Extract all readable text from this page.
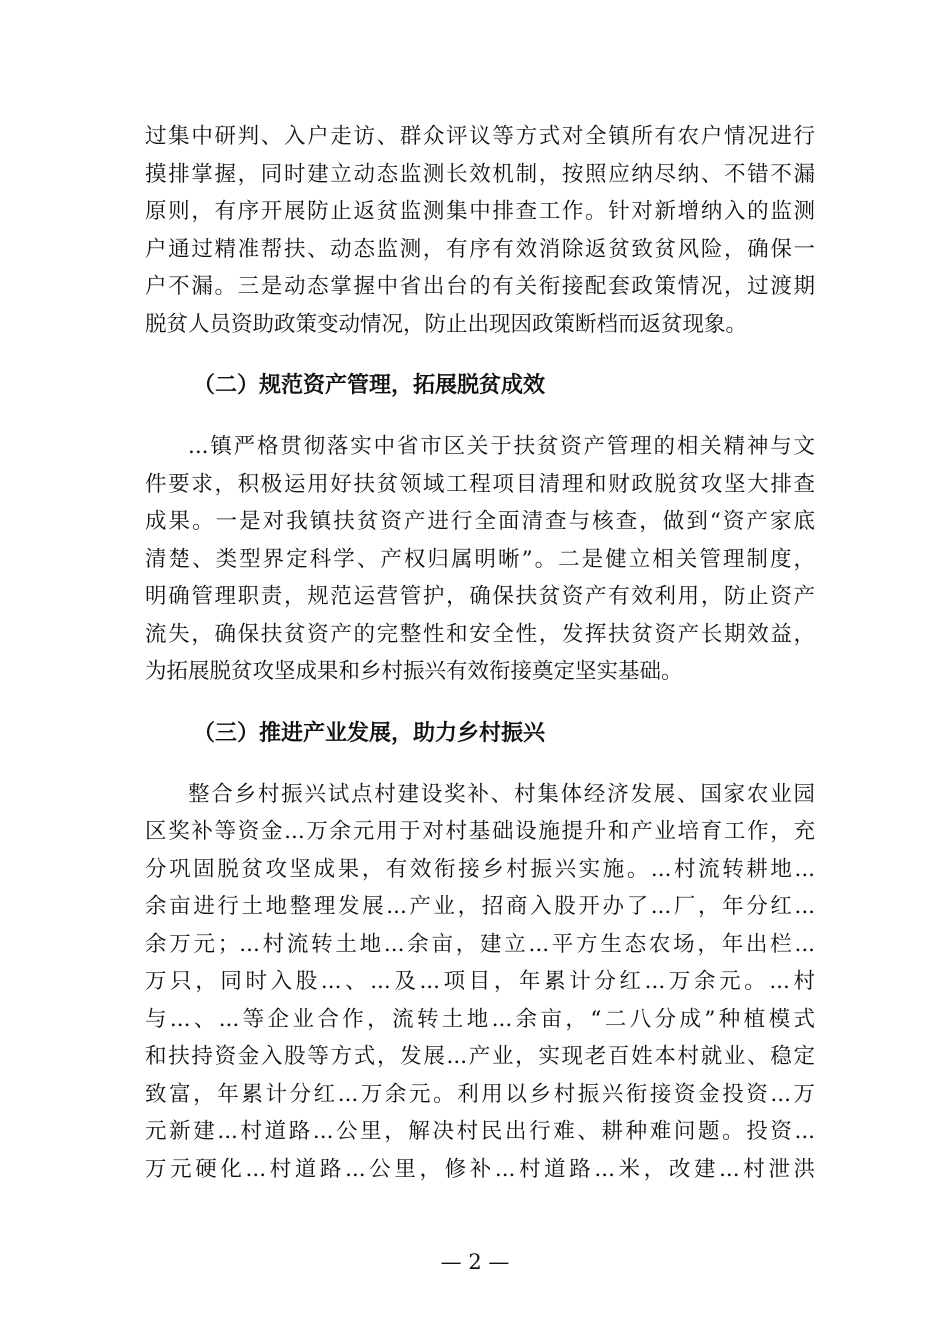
过集中研判、入户走访、群众评议等方式对全镇所有农户情况进行
摸排掌握，同时建立动态监测长效机制，按照应纳尽纳、不错不漏
原则，有序开展防止返贫监测集中排查工作。针对新增纳入的监测
户通过精准帮扶、动态监测，有序有效消除返贫致贫风险，确保一
户不漏。三是动态掌握中省出台的有关衔接配套政策情况，过渡期
脱贫人员资助政策变动情况，防止出现因政策断档而返贫现象。
（二）规范资产管理，拓展脱贫成效
...镇严格贯彻落实中省市区关于扶贫资产管理的相关精神与文
件要求，积极运用好扶贫领域工程项目清理和财政脱贫攻坚大排查
成果。一是对我镇扶贫资产进行全面清查与核查，做到“资产家底
清楚、类型界定科学、产权归属明晰”。二是健立相关管理制度，
明确管理职责，规范运营管护，确保扶贫资产有效利用，防止资产
流失，确保扶贫资产的完整性和安全性，发挥扶贫资产长期效益，
为拓展脱贫攻坚成果和乡村振兴有效衔接奠定坚实基础。
（三）推进产业发展，助力乡村振兴
整合乡村振兴试点村建设奖补、村集体经济发展、国家农业园
区奖补等资金...万余元用于对村基础设施提升和产业培育工作，充
分巩固脱贫攻坚成果，有效衔接乡村振兴实施。...村流转耕地...
余亩进行土地整理发展...产业，招商入股开办了...厂，年分红...
余万元；...村流转土地...余亩，建立...平方生态农场，年出栏...
万只，同时入股...、...及...项目，年累计分红...万余元。...村
与...、...等企业合作，流转土地...余亩，“二八分成”种植模式
和扶持资金入股等方式，发展...产业，实现老百姓本村就业、稳定
致富，年累计分红...万余元。利用以乡村振兴衔接资金投资...万
元新建...村道路...公里，解决村民出行难、耕种难问题。投资...
万元硬化...村道路...公里，修补...村道路...米，改建...村泄洪
— 2 —
